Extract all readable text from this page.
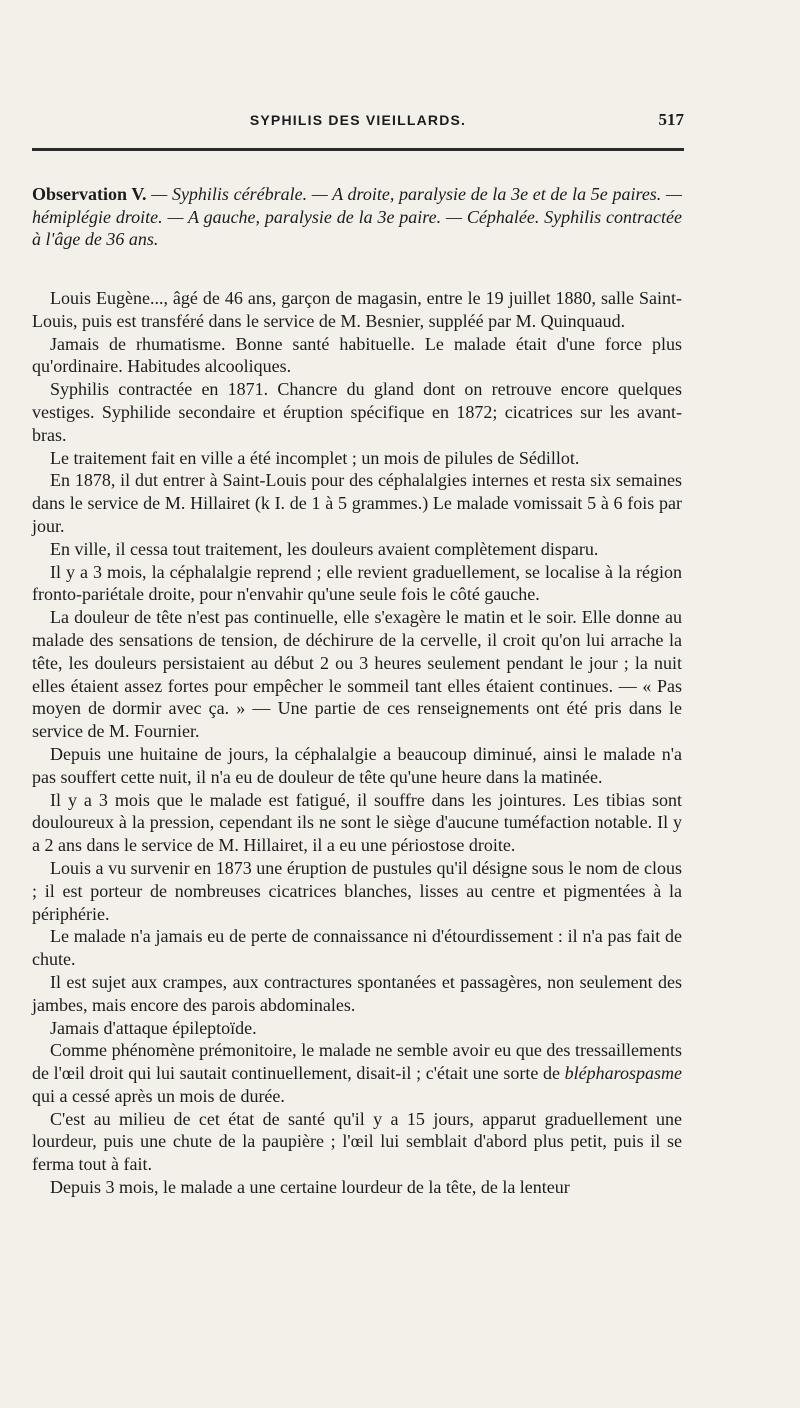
SYPHILIS DES VIEILLARDS.	517
Observation V. — Syphilis cérébrale. — A droite, paralysie de la 3e et de la 5e paires. — hémiplégie droite. — A gauche, paralysie de la 3e paire. — Céphalée. Syphilis contractée à l'âge de 36 ans.

Louis Eugène..., âgé de 46 ans, garçon de magasin, entre le 19 juillet 1880, salle Saint-Louis, puis est transféré dans le service de M. Besnier, suppléé par M. Quinquaud.

Jamais de rhumatisme. Bonne santé habituelle. Le malade était d'une force plus qu'ordinaire. Habitudes alcooliques.

Syphilis contractée en 1871. Chancre du gland dont on retrouve encore quelques vestiges. Syphilide secondaire et éruption spécifique en 1872; cicatrices sur les avant-bras.

Le traitement fait en ville a été incomplet ; un mois de pilules de Sédillot.

En 1878, il dut entrer à Saint-Louis pour des céphalalgies internes et resta six semaines dans le service de M. Hillairet (k I. de 1 à 5 grammes.) Le malade vomissait 5 à 6 fois par jour.

En ville, il cessa tout traitement, les douleurs avaient complètement disparu.

Il y a 3 mois, la céphalalgie reprend ; elle revient graduellement, se localise à la région fronto-pariétale droite, pour n'envahir qu'une seule fois le côté gauche.

La douleur de tête n'est pas continuelle, elle s'exagère le matin et le soir. Elle donne au malade des sensations de tension, de déchirure de la cervelle, il croit qu'on lui arrache la tête, les douleurs persistaient au début 2 ou 3 heures seulement pendant le jour ; la nuit elles étaient assez fortes pour empêcher le sommeil tant elles étaient continues. — « Pas moyen de dormir avec ça. » — Une partie de ces renseignements ont été pris dans le service de M. Fournier.

Depuis une huitaine de jours, la céphalalgie a beaucoup diminué, ainsi le malade n'a pas souffert cette nuit, il n'a eu de douleur de tête qu'une heure dans la matinée.

Il y a 3 mois que le malade est fatigué, il souffre dans les jointures. Les tibias sont douloureux à la pression, cependant ils ne sont le siège d'aucune tuméfaction notable. Il y a 2 ans dans le service de M. Hillairet, il a eu une périostose droite.

Louis a vu survenir en 1873 une éruption de pustules qu'il désigne sous le nom de clous ; il est porteur de nombreuses cicatrices blanches, lisses au centre et pigmentées à la périphérie.

Le malade n'a jamais eu de perte de connaissance ni d'étourdissement : il n'a pas fait de chute.

Il est sujet aux crampes, aux contractures spontanées et passagères, non seulement des jambes, mais encore des parois abdominales.

Jamais d'attaque épileptoïde.

Comme phénomène prémonitoire, le malade ne semble avoir eu que des tressaillements de l'œil droit qui lui sautait continuellement, disait-il ; c'était une sorte de blépharospasme qui a cessé après un mois de durée.

C'est au milieu de cet état de santé qu'il y a 15 jours, apparut graduellement une lourdeur, puis une chute de la paupière ; l'œil lui semblait d'abord plus petit, puis il se ferma tout à fait.

Depuis 3 mois, le malade a une certaine lourdeur de la tête, de la lenteur
